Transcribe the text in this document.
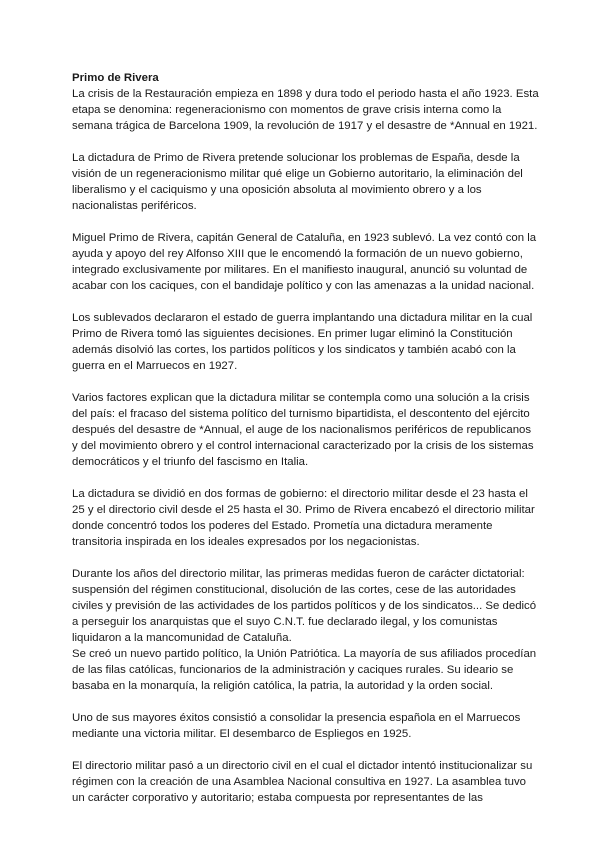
Primo de Rivera
La crisis de la Restauración empieza en 1898 y dura todo el periodo hasta el año 1923. Esta
etapa se denomina: regeneracionismo con momentos de grave crisis interna como la
semana trágica de Barcelona 1909, la revolución de 1917 y el desastre de *Annual en 1921.
La dictadura de Primo de Rivera pretende solucionar los problemas de España, desde la
visión de un regeneracionismo militar qué elige un Gobierno autoritario, la eliminación del
liberalismo y el caciquismo y una oposición absoluta al movimiento obrero y a los
nacionalistas periféricos.
Miguel Primo de Rivera, capitán General de Cataluña, en 1923 sublevó. La vez contó con la
ayuda y apoyo del rey Alfonso XIII que le encomendó la formación de un nuevo gobierno,
integrado exclusivamente por militares. En el manifiesto inaugural, anunció su voluntad de
acabar con los caciques, con el bandidaje político y con las amenazas a la unidad nacional.
Los sublevados declararon el estado de guerra implantando una dictadura militar en la cual
Primo de Rivera tomó las siguientes decisiones. En primer lugar eliminó la Constitución
además disolvió las cortes, los partidos políticos y los sindicatos y también acabó con la
guerra en el Marruecos en 1927.
Varios factores explican que la dictadura militar se contempla como una solución a la crisis
del país: el fracaso del sistema político del turnismo bipartidista, el descontento del ejército
después del desastre de *Annual, el auge de los nacionalismos periféricos de republicanos
y del movimiento obrero y el control internacional caracterizado por la crisis de los sistemas
democráticos y el triunfo del fascismo en Italia.
La dictadura se dividió en dos formas de gobierno: el directorio militar desde el 23 hasta el
25 y el directorio civil desde el 25 hasta el 30. Primo de Rivera encabezó el directorio militar
donde concentró todos los poderes del Estado. Prometía una dictadura meramente
transitoria inspirada en los ideales expresados por los negacionistas.
Durante los años del directorio militar, las primeras medidas fueron de carácter dictatorial:
suspensión del régimen constitucional, disolución de las cortes, cese de las autoridades
civiles y previsión de las actividades de los partidos políticos y de los sindicatos... Se dedicó
a perseguir los anarquistas que el suyo C.N.T. fue declarado ilegal, y los comunistas
liquidaron a la mancomunidad de Cataluña.
Se creó un nuevo partido político, la Unión Patriótica. La mayoría de sus afiliados procedían
de las filas católicas, funcionarios de la administración y caciques rurales. Su ideario se
basaba en la monarquía, la religión católica, la patria, la autoridad y la orden social.
Uno de sus mayores éxitos consistió a consolidar la presencia española en el Marruecos
mediante una victoria militar. El desembarco de Espliegos en 1925.
El directorio militar pasó a un directorio civil en el cual el dictador intentó institucionalizar su
régimen con la creación de una Asamblea Nacional consultiva en 1927. La asamblea tuvo
un carácter corporativo y autoritario; estaba compuesta por representantes de las
